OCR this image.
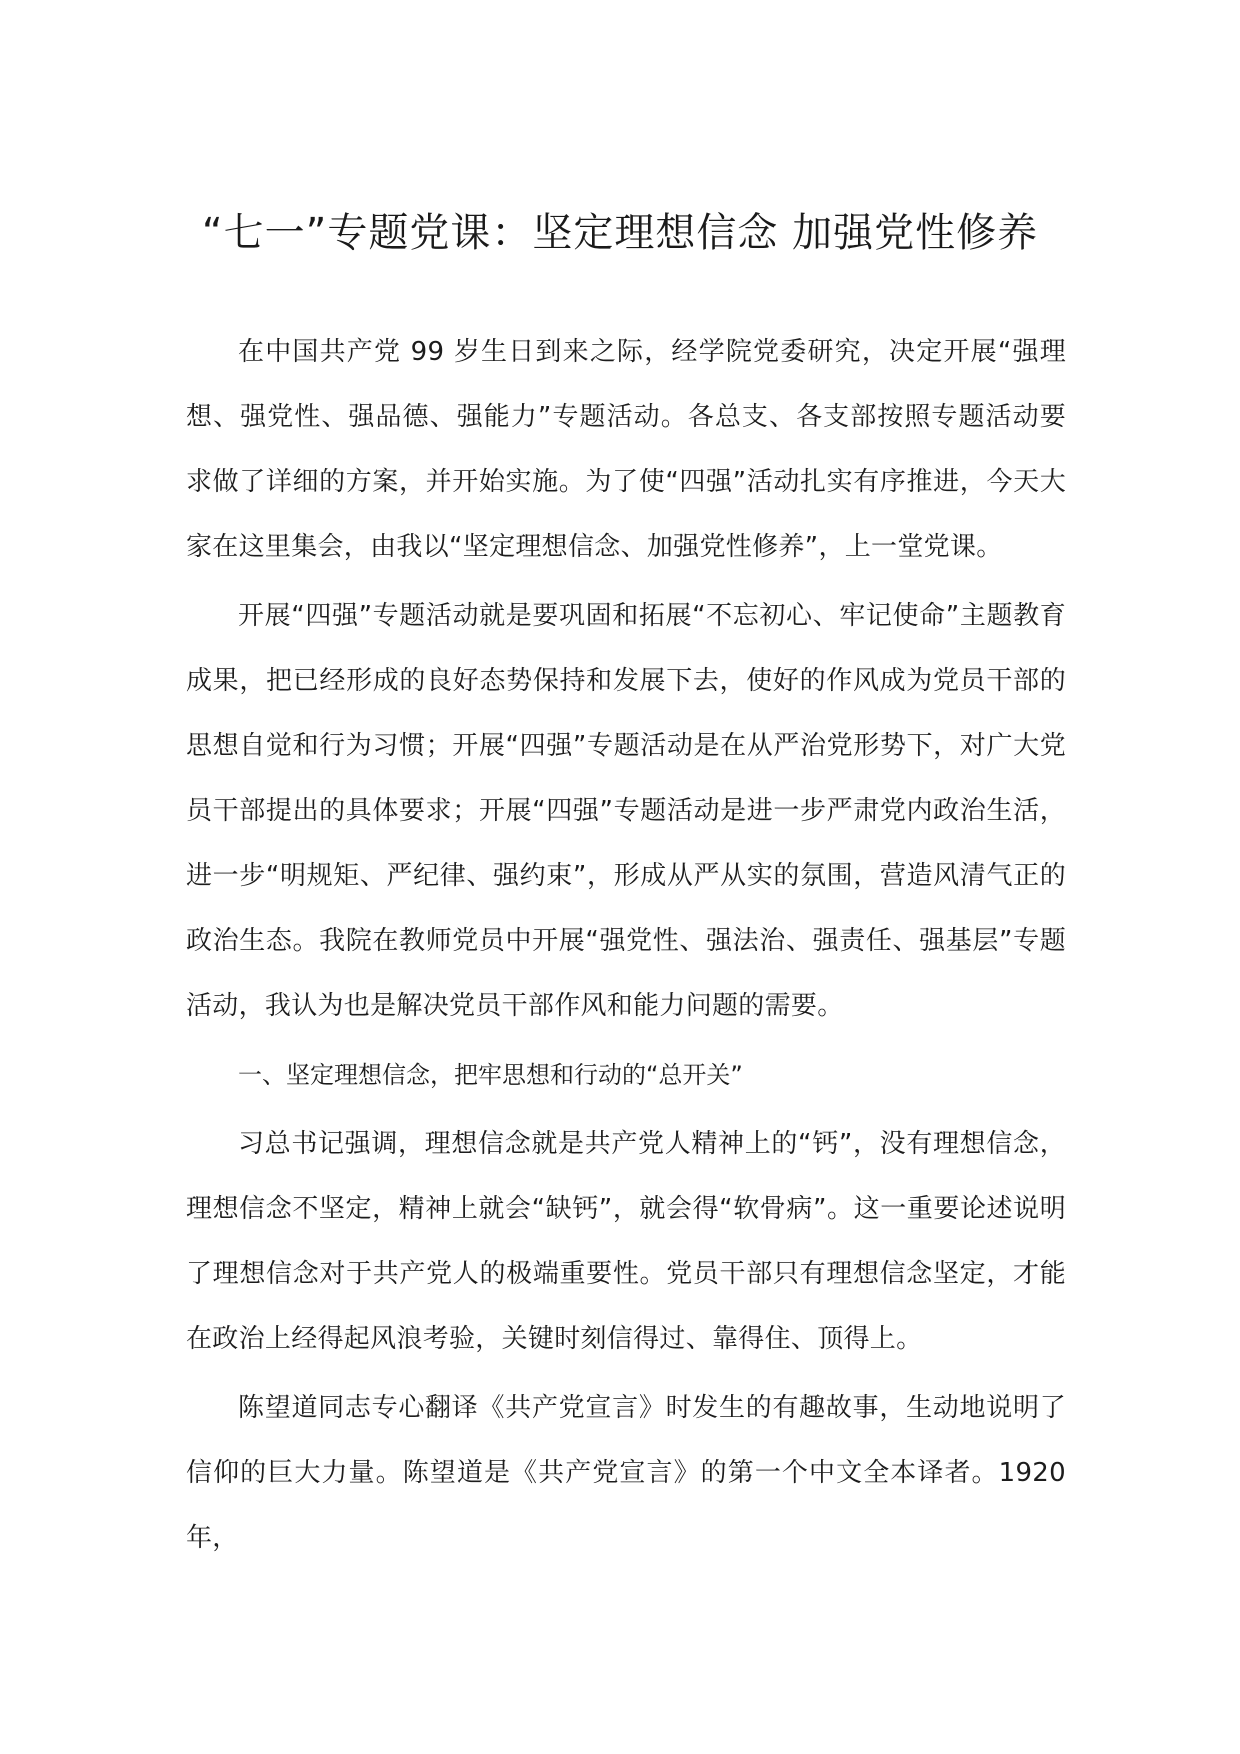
“七一”专题党课：坚定理想信念 加强党性修养

在中国共产党 99 岁生日到来之际，经学院党委研究，决定开展“强理想、强党性、强品德、强能力”专题活动。各总支、各支部按照专题活动要求做了详细的方案，并开始实施。为了使“四强”活动扎实有序推进，今天大家在这里集会，由我以“坚定理想信念、加强党性修养”，上一堂党课。

开展“四强”专题活动就是要巩固和拓展“不忘初心、牢记使命”主题教育成果，把已经形成的良好态势保持和发展下去，使好的作风成为党员干部的思想自觉和行为习惯；开展“四强”专题活动是在从严治党形势下，对广大党员干部提出的具体要求；开展“四强”专题活动是进一步严肃党内政治生活，进一步“明规矩、严纪律、强约束”，形成从严从实的氛围，营造风清气正的政治生态。我院在教师党员中开展“强党性、强法治、强责任、强基层”专题活动，我认为也是解决党员干部作风和能力问题的需要。

一、坚定理想信念，把牢思想和行动的“总开关”

习总书记强调，理想信念就是共产党人精神上的“钙”，没有理想信念，理想信念不坚定，精神上就会“缺钙”，就会得“软骨病”。这一重要论述说明了理想信念对于共产党人的极端重要性。党员干部只有理想信念坚定，才能在政治上经得起风浪考验，关键时刻信得过、靠得住、顶得上。

陈望道同志专心翻译《共产党宣言》时发生的有趣故事，生动地说明了信仰的巨大力量。陈望道是《共产党宣言》的第一个中文全本译者。1920 年，
